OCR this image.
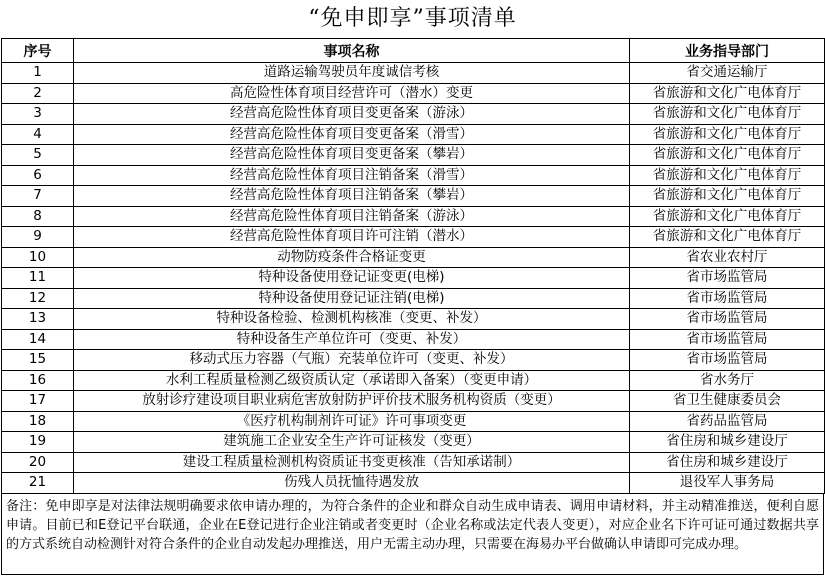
“免申即享”事项清单
序号	事项名称	业务指导部门
1	道路运输驾驶员年度诚信考核	省交通运输厅
2	高危险性体育项目经营许可（潜水）变更	省旅游和文化广电体育厅
3	经营高危险性体育项目变更备案（游泳）	省旅游和文化广电体育厅
4	经营高危险性体育项目变更备案（滑雪）	省旅游和文化广电体育厅
5	经营高危险性体育项目变更备案（攀岩）	省旅游和文化广电体育厅
6	经营高危险性体育项目注销备案（滑雪）	省旅游和文化广电体育厅
7	经营高危险性体育项目注销备案（攀岩）	省旅游和文化广电体育厅
8	经营高危险性体育项目注销备案（游泳）	省旅游和文化广电体育厅
9	经营高危险性体育项目许可注销（潜水）	省旅游和文化广电体育厅
10	动物防疫条件合格证变更	省农业农村厅
11	特种设备使用登记证变更(电梯)	省市场监管局
12	特种设备使用登记证注销(电梯)	省市场监管局
13	特种设备检验、检测机构核准（变更、补发）	省市场监管局
14	特种设备生产单位许可（变更、补发）	省市场监管局
15	移动式压力容器（气瓶）充装单位许可（变更、补发）	省市场监管局
16	水利工程质量检测乙级资质认定（承诺即入备案）（变更申请）	省水务厅
17	放射诊疗建设项目职业病危害放射防护评价技术服务机构资质（变更）	省卫生健康委员会
18	《医疗机构制剂许可证》许可事项变更	省药品监管局
19	建筑施工企业安全生产许可证核发（变更）	省住房和城乡建设厅
20	建设工程质量检测机构资质证书变更核准（告知承诺制）	省住房和城乡建设厅
21	伤残人员抚恤待遇发放	退役军人事务局
备注：免申即享是对法律法规明确要求依申请办理的，为符合条件的企业和群众自动生成申请表、调用申请材料，并主动精准推送，便利自愿申请。目前已和E登记平台联通，企业在E登记进行企业注销或者变更时（企业名称或法定代表人变更），对应企业名下许可证可通过数据共享的方式系统自动检测针对符合条件的企业自动发起办理推送，用户无需主动办理，只需要在海易办平台做确认申请即可完成办理。
